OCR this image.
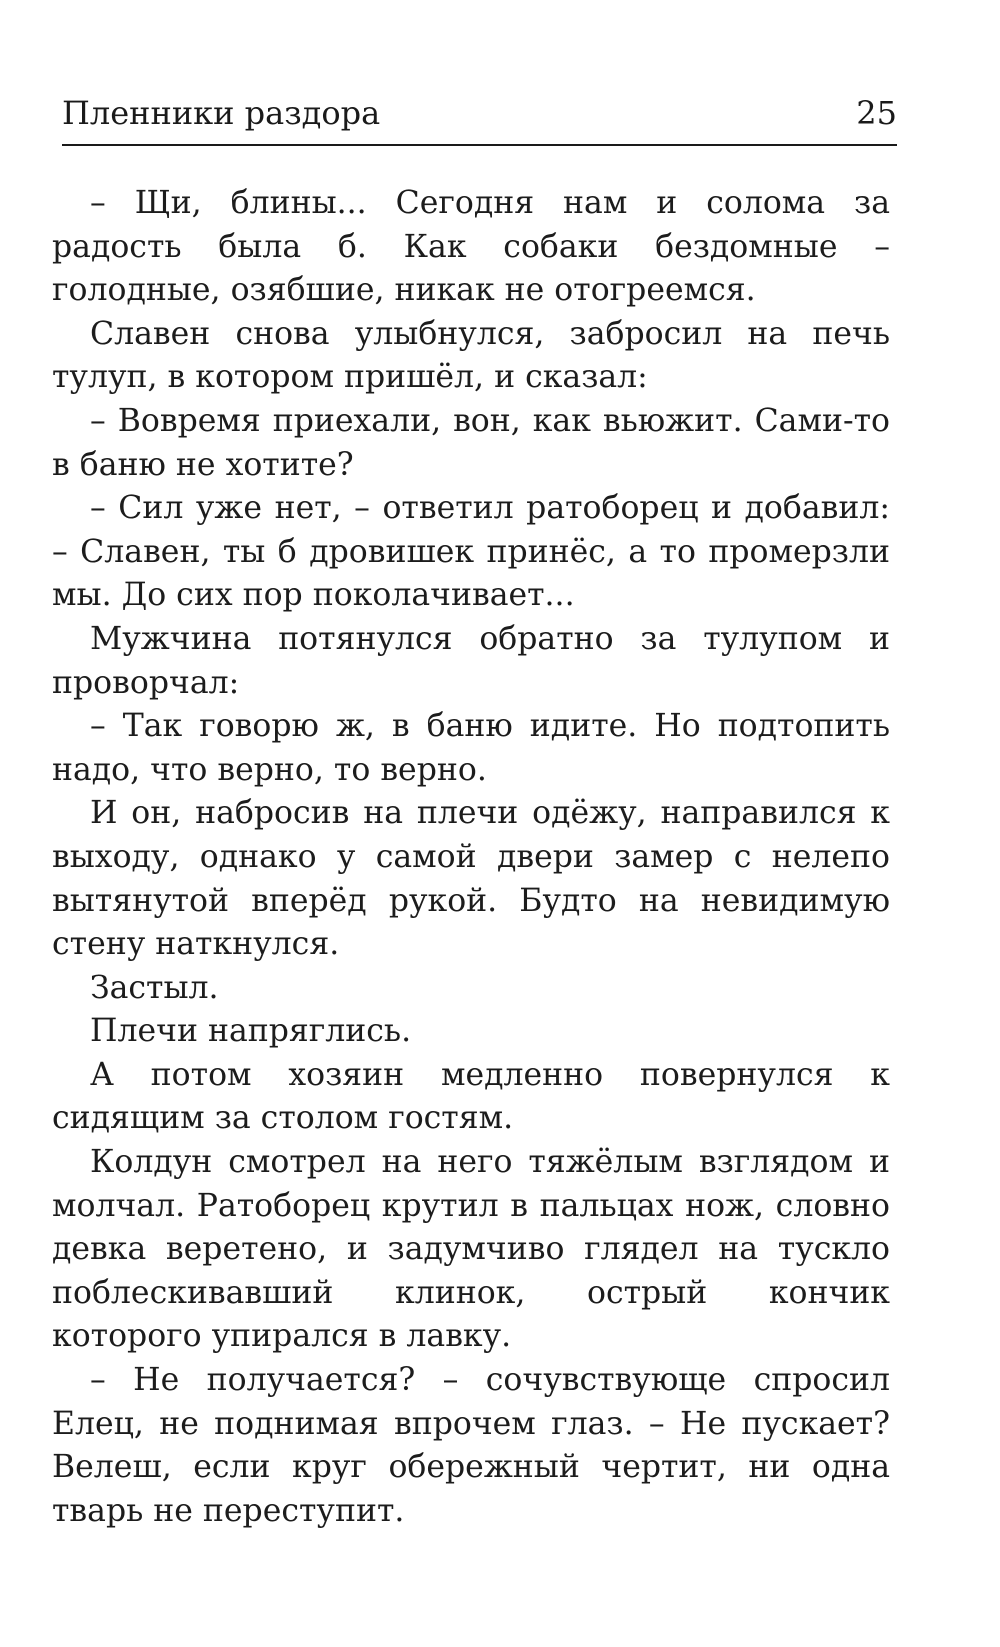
Пленники раздора	25

– Щи, блины... Сегодня нам и солома за радость была б. Как собаки бездомные – голодные, озябшие, никак не отогреемся.

Славен снова улыбнулся, забросил на печь тулуп, в котором пришёл, и сказал:

– Вовремя приехали, вон, как вьюжит. Сами-то в баню не хотите?

– Сил уже нет, – ответил ратоборец и добавил: – Славен, ты б дровишек принёс, а то промерзли мы. До сих пор поколачивает...

Мужчина потянулся обратно за тулупом и проворчал:

– Так говорю ж, в баню идите. Но подтопить надо, что верно, то верно.

И он, набросив на плечи одёжу, направился к выходу, однако у самой двери замер с нелепо вытянутой вперёд рукой. Будто на невидимую стену наткнулся.

Застыл.

Плечи напряглись.

А потом хозяин медленно повернулся к сидящим за столом гостям.

Колдун смотрел на него тяжёлым взглядом и молчал. Ратоборец крутил в пальцах нож, словно девка веретено, и задумчиво глядел на тускло поблескивавший клинок, острый кончик которого упирался в лавку.

– Не получается? – сочувствующе спросил Елец, не поднимая впрочем глаз. – Не пускает? Велеш, если круг обережный чертит, ни одна тварь не переступит.
